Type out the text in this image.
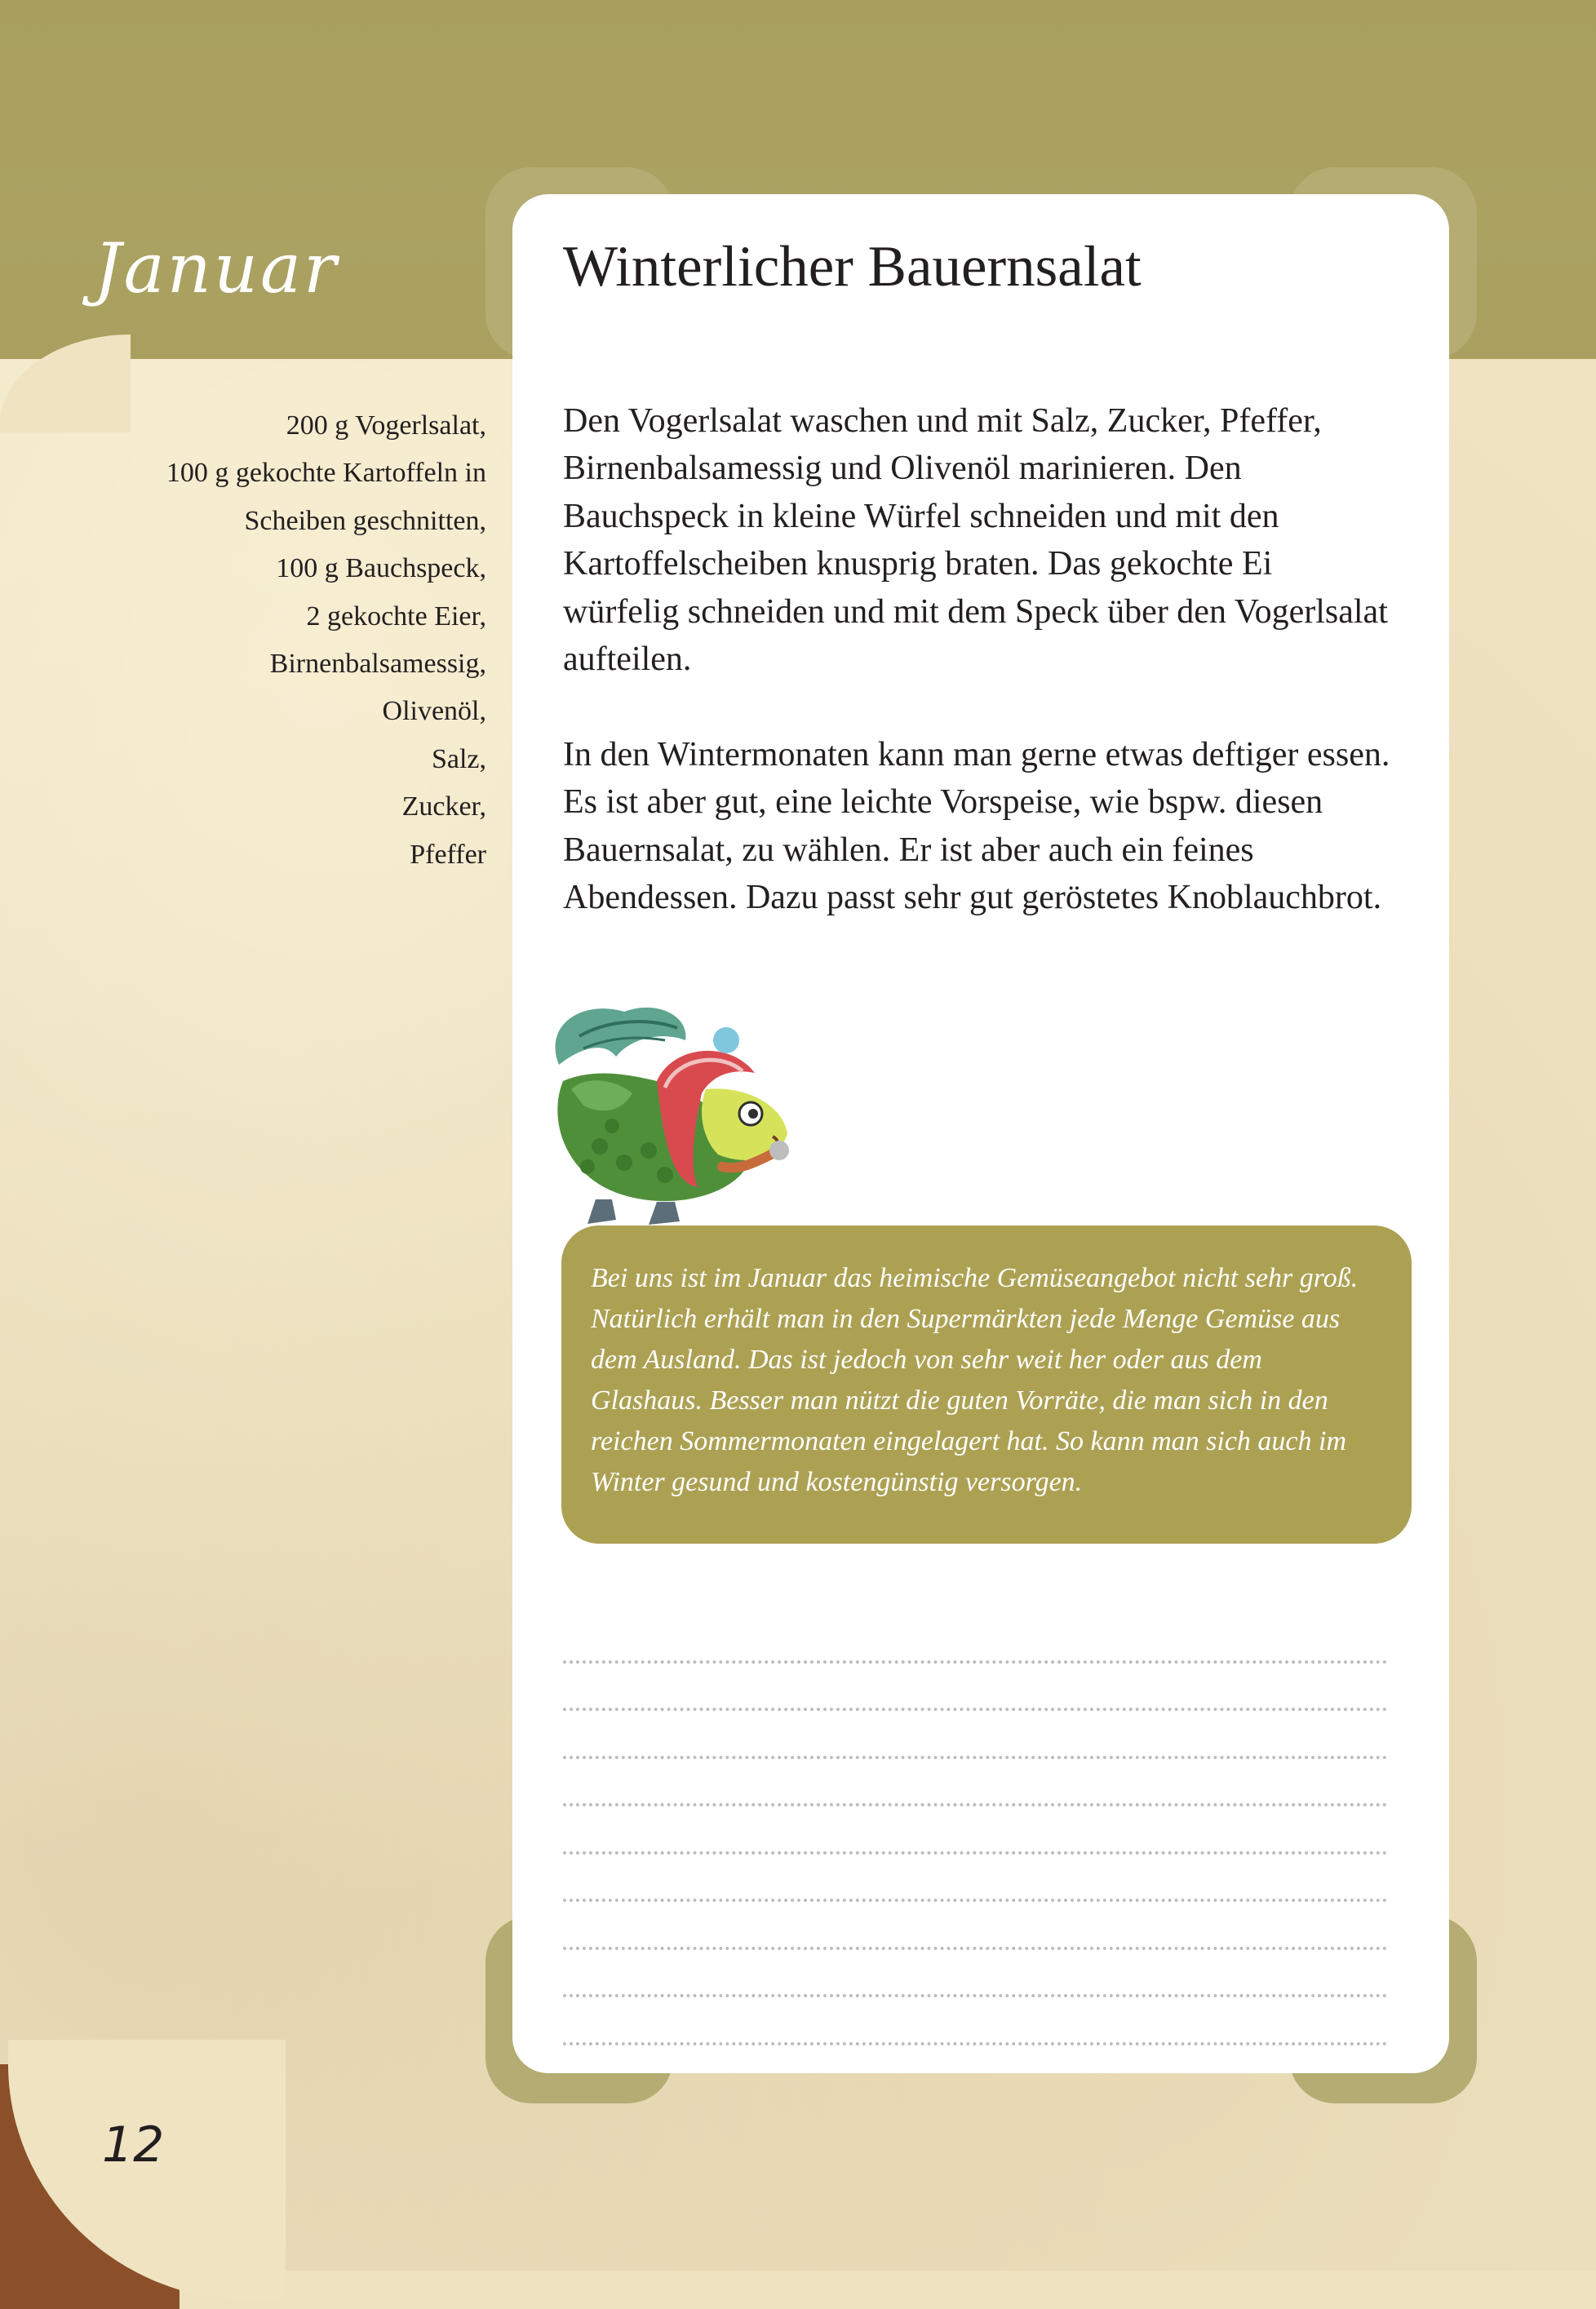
Januar	Winterlicher Bauernsalat
200 g Vogerlsalat,
100 g gekochte Kartoffeln in
Scheiben geschnitten,
100 g Bauchspeck,
2 gekochte Eier,
Birnenbalsamessig,
Olivenöl,
Salz,
Zucker,
Pfeffer

Den Vogerlsalat waschen und mit Salz, Zucker, Pfeffer, Birnenbalsamessig und Olivenöl marinieren. Den Bauchspeck in kleine Würfel schneiden und mit den Kartoffelscheiben knusprig braten. Das gekochte Ei würfelig schneiden und mit dem Speck über den Vogerlsalat aufteilen.

In den Wintermonaten kann man gerne etwas deftiger essen. Es ist aber gut, eine leichte Vorspeise, wie bspw. diesen Bauernsalat, zu wählen. Er ist aber auch ein feines Abendessen. Dazu passt sehr gut geröstetes Knoblauchbrot.

Bei uns ist im Januar das heimische Gemüseangebot nicht sehr groß. Natürlich erhält man in den Supermärkten jede Menge Gemüse aus dem Ausland. Das ist jedoch von sehr weit her oder aus dem Glashaus. Besser man nützt die guten Vorräte, die man sich in den reichen Sommermonaten eingelagert hat. So kann man sich auch im Winter gesund und kostengünstig versorgen.

12
